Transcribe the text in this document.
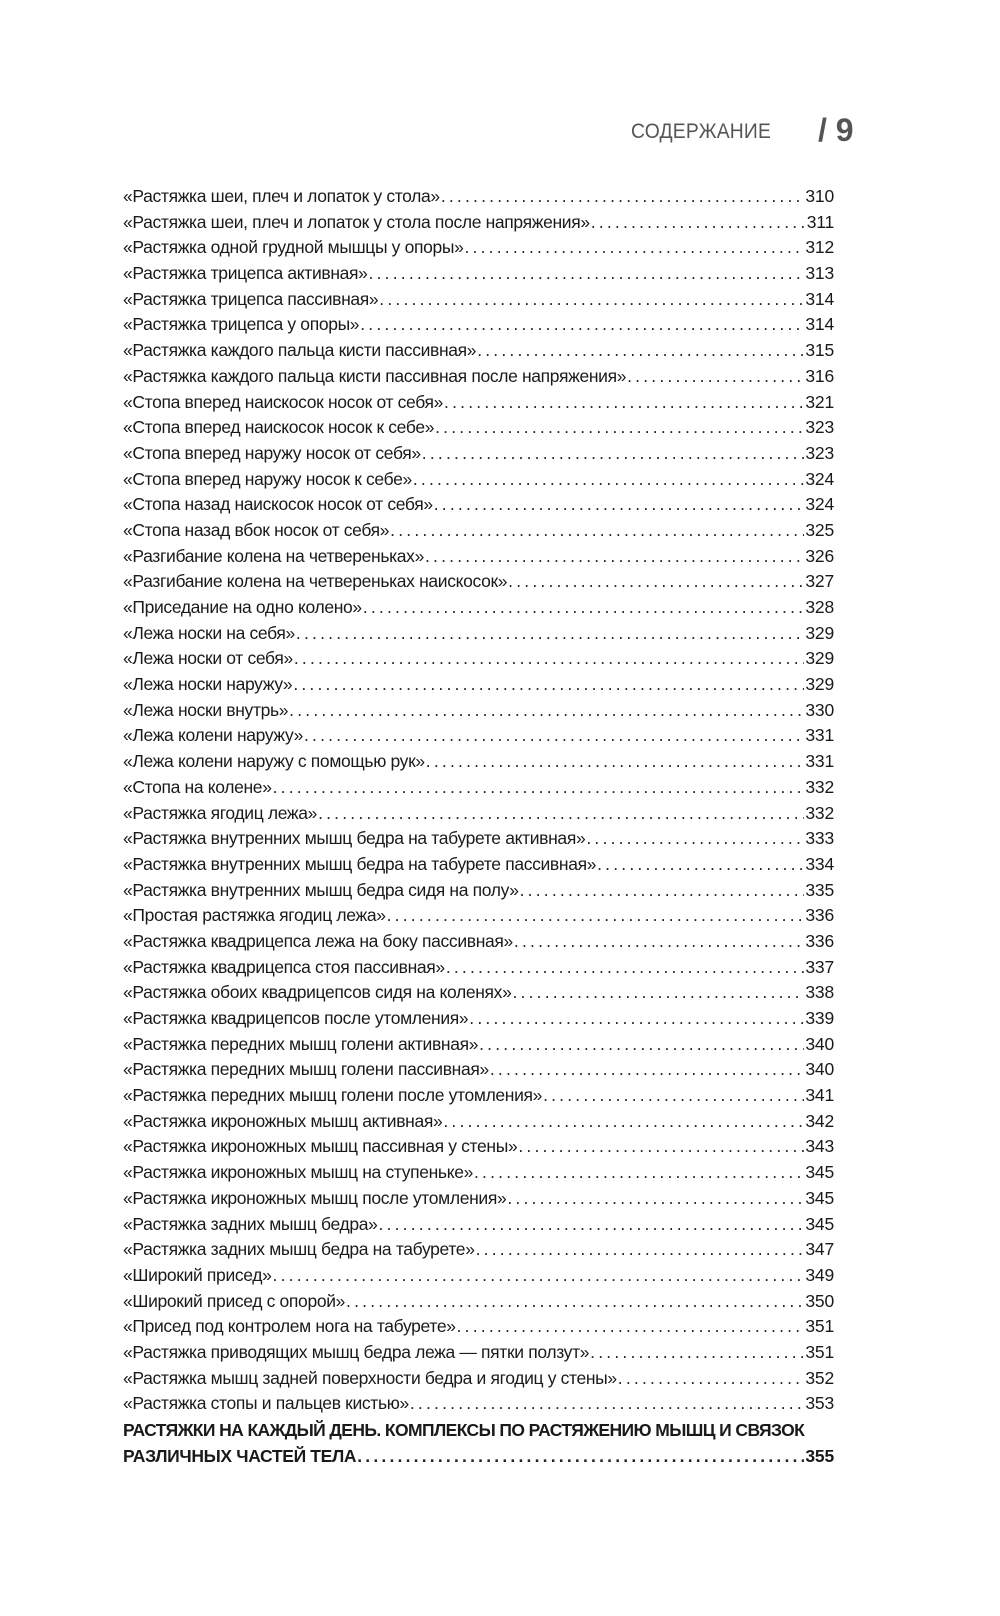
СОДЕРЖАНИЕ / 9
«Растяжка шеи, плеч и лопаток у стола» .....	310
«Растяжка шеи, плеч и лопаток у стола после напряжения» .....	311
«Растяжка одной грудной мышцы у опоры» .....	312
«Растяжка трицепса активная» .....	313
«Растяжка трицепса пассивная» .....	314
«Растяжка трицепса у опоры» .....	314
«Растяжка каждого пальца кисти пассивная» .....	315
«Растяжка каждого пальца кисти пассивная после напряжения» .....	316
«Стопа вперед наискосок носок от себя» .....	321
«Стопа вперед наискосок носок к себе» .....	323
«Стопа вперед наружу носок от себя» .....	323
«Стопа вперед наружу носок к себе» .....	324
«Стопа назад наискосок носок от себя» .....	324
«Стопа назад вбок носок от себя» .....	325
«Разгибание колена на четвереньках» .....	326
«Разгибание колена на четвереньках наискосок» .....	327
«Приседание на одно колено» .....	328
«Лежа носки на себя» .....	329
«Лежа носки от себя» .....	329
«Лежа носки наружу» .....	329
«Лежа носки внутрь» .....	330
«Лежа колени наружу» .....	331
«Лежа колени наружу с помощью рук» .....	331
«Стопа на колене» .....	332
«Растяжка ягодиц лежа» .....	332
«Растяжка внутренних мышц бедра на табурете активная» .....	333
«Растяжка внутренних мышц бедра на табурете пассивная» .....	334
«Растяжка внутренних мышц бедра сидя на полу» .....	335
«Простая растяжка ягодиц лежа» .....	336
«Растяжка квадрицепса лежа на боку пассивная» .....	336
«Растяжка квадрицепса стоя пассивная» .....	337
«Растяжка обоих квадрицепсов сидя на коленях» .....	338
«Растяжка квадрицепсов после утомления» .....	339
«Растяжка передних мышц голени активная» .....	340
«Растяжка передних мышц голени пассивная» .....	340
«Растяжка передних мышц голени после утомления» .....	341
«Растяжка икроножных мышц активная» .....	342
«Растяжка икроножных мышц пассивная у стены» .....	343
«Растяжка икроножных мышц на ступеньке» .....	345
«Растяжка икроножных мышц после утомления» .....	345
«Растяжка задних мышц бедра» .....	345
«Растяжка задних мышц бедра на табурете» .....	347
«Широкий присед» .....	349
«Широкий присед с опорой» .....	350
«Присед под контролем нога на табурете» .....	351
«Растяжка приводящих мышц бедра лежа — пятки ползут» .....	351
«Растяжка мышц задней поверхности бедра и ягодиц у стены» .....	352
«Растяжка стопы и пальцев кистью» .....	353
РАСТЯЖКИ НА КАЖДЫЙ ДЕНЬ. КОМПЛЕКСЫ ПО РАСТЯЖЕНИЮ МЫШЦ И СВЯЗОК
РАЗЛИЧНЫХ ЧАСТЕЙ ТЕЛА .....	355
